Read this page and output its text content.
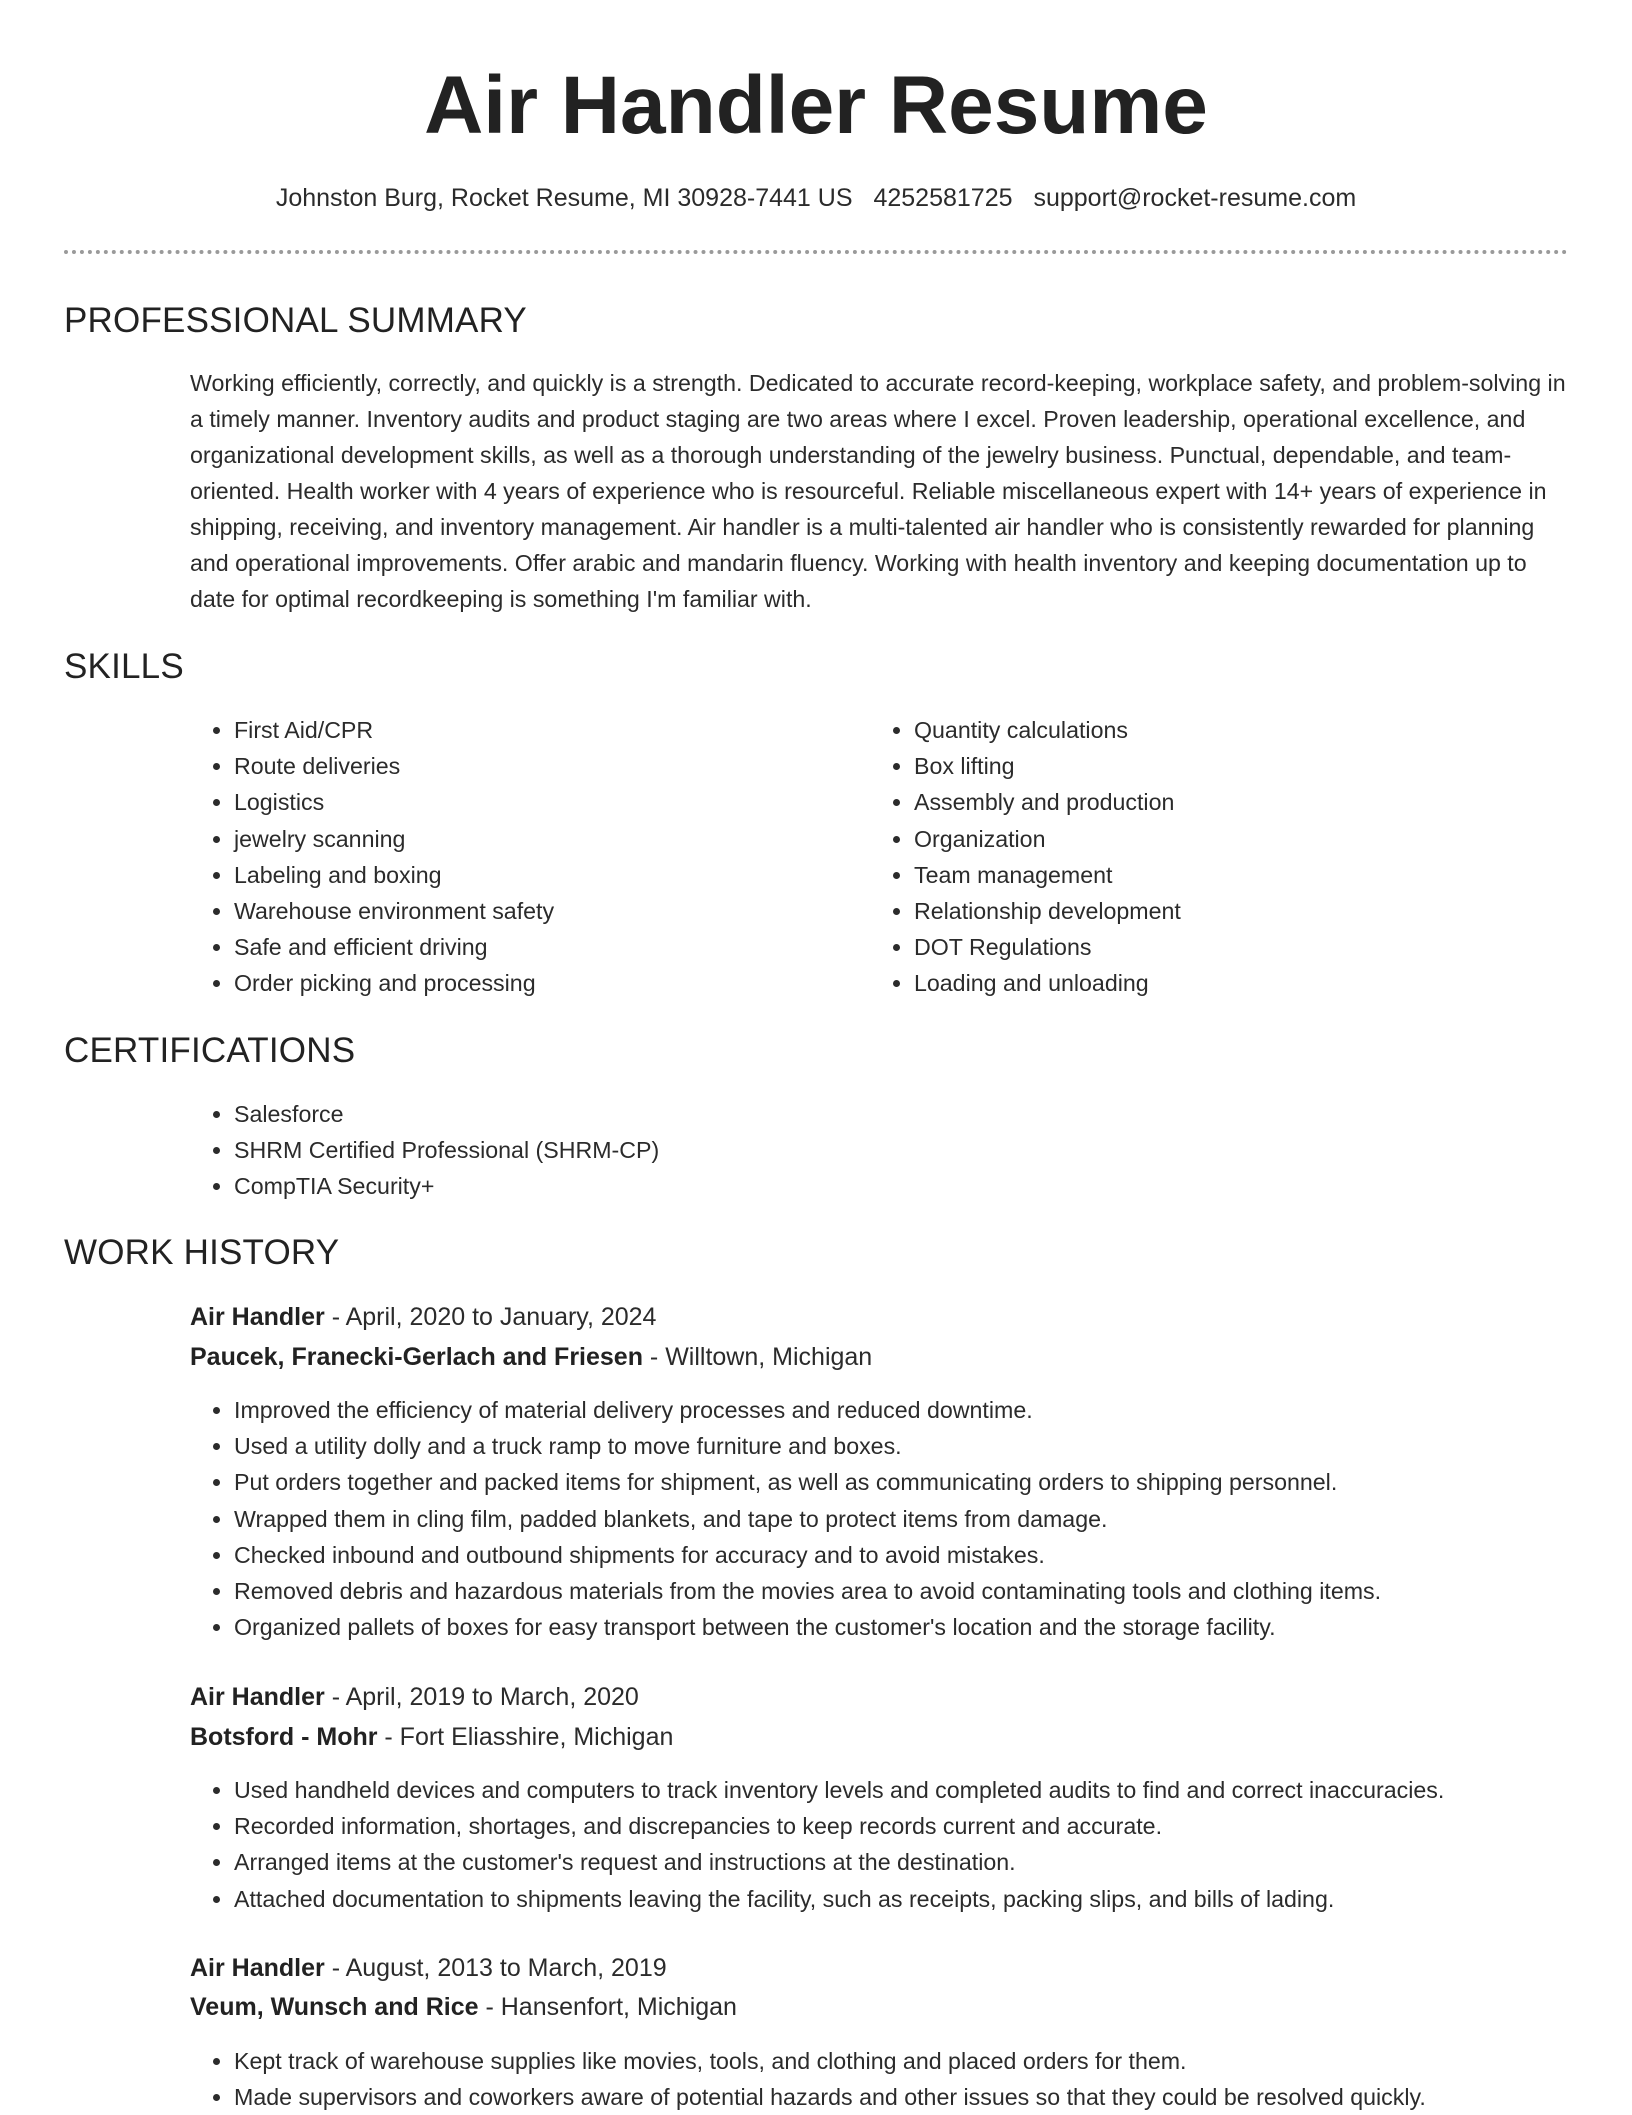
Air Handler Resume
Johnston Burg, Rocket Resume, MI 30928-7441 US 4252581725 support@rocket-resume.com
PROFESSIONAL SUMMARY

Working efficiently, correctly, and quickly is a strength. Dedicated to accurate record-keeping, workplace safety, and problem-solving in a timely manner. Inventory audits and product staging are two areas where I excel. Proven leadership, operational excellence, and organizational development skills, as well as a thorough understanding of the jewelry business. Punctual, dependable, and team-oriented. Health worker with 4 years of experience who is resourceful. Reliable miscellaneous expert with 14+ years of experience in shipping, receiving, and inventory management. Air handler is a multi-talented air handler who is consistently rewarded for planning and operational improvements. Offer arabic and mandarin fluency. Working with health inventory and keeping documentation up to date for optimal recordkeeping is something I'm familiar with.

SKILLS
• First Aid/CPR
• Route deliveries
• Logistics
• jewelry scanning
• Labeling and boxing
• Warehouse environment safety
• Safe and efficient driving
• Order picking and processing
• Quantity calculations
• Box lifting
• Assembly and production
• Organization
• Team management
• Relationship development
• DOT Regulations
• Loading and unloading
CERTIFICATIONS
• Salesforce
• SHRM Certified Professional (SHRM-CP)
• CompTIA Security+
WORK HISTORY
Air Handler - April, 2020 to January, 2024
Paucek, Franecki-Gerlach and Friesen - Willtown, Michigan
• Improved the efficiency of material delivery processes and reduced downtime.
• Used a utility dolly and a truck ramp to move furniture and boxes.
• Put orders together and packed items for shipment, as well as communicating orders to shipping personnel.
• Wrapped them in cling film, padded blankets, and tape to protect items from damage.
• Checked inbound and outbound shipments for accuracy and to avoid mistakes.
• Removed debris and hazardous materials from the movies area to avoid contaminating tools and clothing items.
• Organized pallets of boxes for easy transport between the customer's location and the storage facility.
Air Handler - April, 2019 to March, 2020
Botsford - Mohr - Fort Eliasshire, Michigan
• Used handheld devices and computers to track inventory levels and completed audits to find and correct inaccuracies.
• Recorded information, shortages, and discrepancies to keep records current and accurate.
• Arranged items at the customer's request and instructions at the destination.
• Attached documentation to shipments leaving the facility, such as receipts, packing slips, and bills of lading.
Air Handler - August, 2013 to March, 2019
Veum, Wunsch and Rice - Hansenfort, Michigan
• Kept track of warehouse supplies like movies, tools, and clothing and placed orders for them.
• Made supervisors and coworkers aware of potential hazards and other issues so that they could be resolved quickly.
